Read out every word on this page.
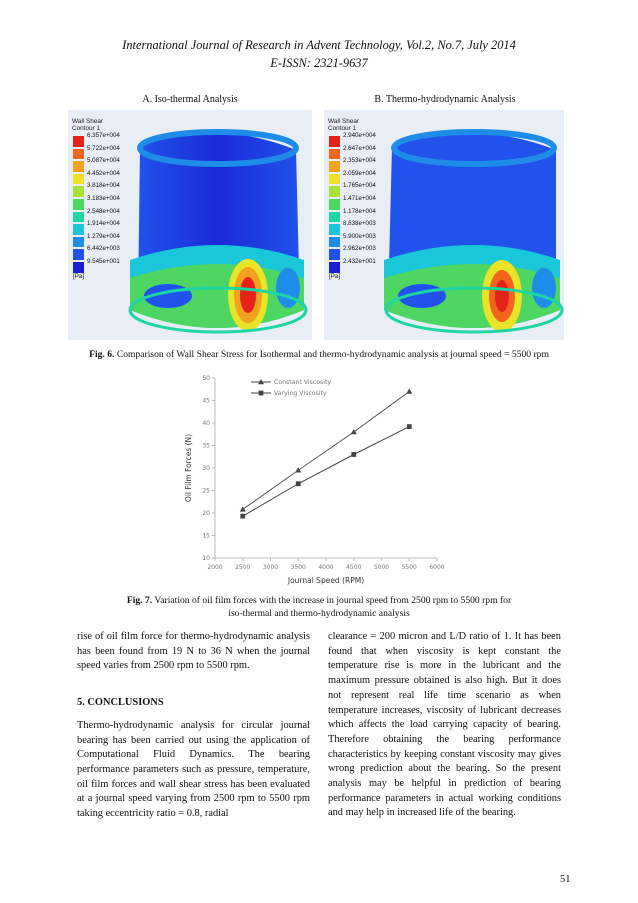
International Journal of Research in Advent Technology, Vol.2, No.7, July 2014
E-ISSN: 2321-9637
A. Iso-thermal Analysis	B. Thermo-hydrodynamic Analysis
Wall Shear
Contour 1
6.357e+004
5.722e+004
5.087e+004
4.452e+004
3.818e+004
3.183e+004
2.548e+004
1.914e+004
1.279e+004
6.442e+003
9.545e+001
[Pa]
Wall Shear
Contour 1
2.940e+004
2.647e+004
2.353e+004
2.059e+004
1.765e+004
1.471e+004
1.178e+004
8.838e+003
5.900e+003
2.962e+003
2.432e+001
[Pa]
Fig. 6. Comparison of Wall Shear Stress for Isothermal and thermo-hydrodynamic analysis at journal speed = 5500 rpm
2000 2500 3000 3500 4000 4500 5000 5500 6000
10
15
20
25
30
35
40
45
50
Journal Speed (RPM)
Oil Film Forces (N)
Constant Viscosity
Varying Viscosity
Fig. 7. Variation of oil film forces with the increase in journal speed from 2500 rpm to 5500 rpm for
iso-thermal and thermo-hydrodynamic analysis

rise of oil film force for thermo-hydrodynamic analysis has been found from 19 N to 36 N when the journal speed varies from 2500 rpm to 5500 rpm.

5. CONCLUSIONS

Thermo-hydrodynamic analysis for circular journal bearing has been carried out using the application of Computational Fluid Dynamics. The bearing performance parameters such as pressure, temperature, oil film forces and wall shear stress has been evaluated at a journal speed varying from 2500 rpm to 5500 rpm taking eccentricity ratio = 0.8, radial

clearance = 200 micron and L/D ratio of 1. It has been found that when viscosity is kept constant the temperature rise is more in the lubricant and the maximum pressure obtained is also high. But it does not represent real life time scenario as when temperature increases, viscosity of lubricant decreases which affects the load carrying capacity of bearing. Therefore obtaining the bearing performance characteristics by keeping constant viscosity may gives wrong prediction about the bearing. So the present analysis may be helpful in prediction of bearing performance parameters in actual working conditions and may help in increased life of the bearing.

51
